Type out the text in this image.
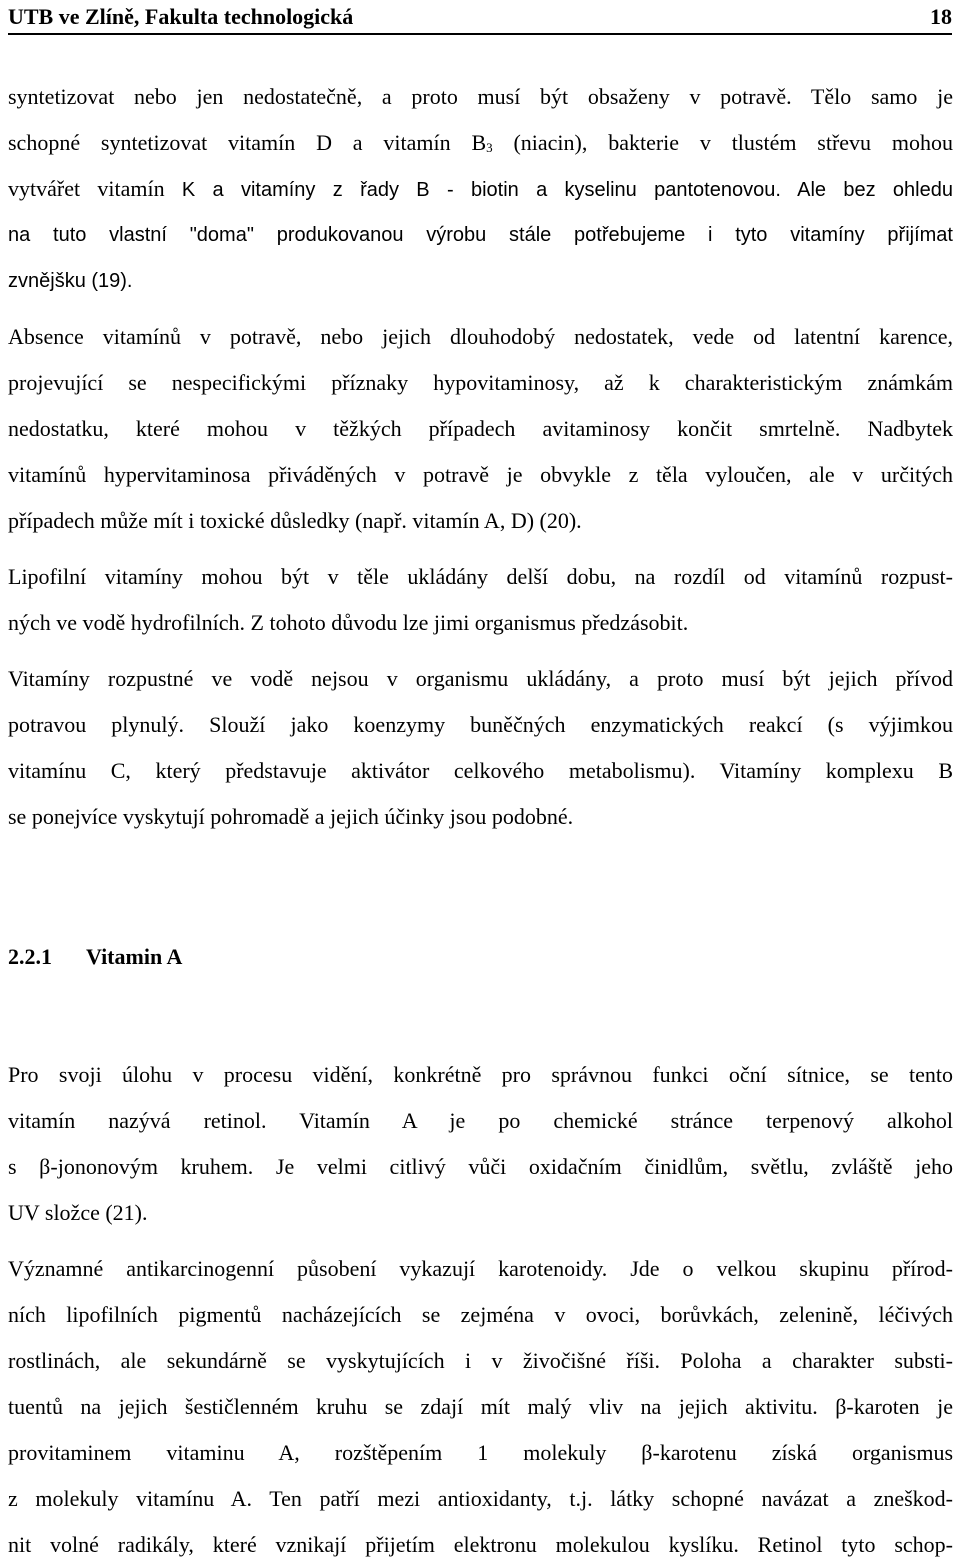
UTB ve Zlíně, Fakulta technologická	18
syntetizovat nebo jen nedostatečně, a proto musí být obsaženy v potravě. Tělo samo je
schopné syntetizovat vitamín D a vitamín $B_3$ (niacin), bakterie v tlustém střevu mohou
vytvářet vitamín K a vitamíny z řady B - biotin a kyselinu pantotenovou. Ale bez ohledu
na tuto vlastní "doma" produkovanou výrobu stále potřebujeme i tyto vitamíny přijímat
zvnějšku (19).
Absence vitamínů v potravě, nebo jejich dlouhodobý nedostatek, vede od latentní karence,
projevující se nespecifickými příznaky hypovitaminosy, až k charakteristickým známkám
nedostatku, které mohou v těžkých případech avitaminosy končit smrtelně. Nadbytek
vitamínů hypervitaminosa přiváděných v potravě je obvykle z těla vyloučen, ale v určitých
případech může mít i toxické důsledky (např. vitamín A, D) (20).
Lipofilní vitamíny mohou být v těle ukládány delší dobu, na rozdíl od vitamínů rozpust-
ných ve vodě hydrofilních. Z tohoto důvodu lze jimi organismus předzásobit.
Vitamíny rozpustné ve vodě nejsou v organismu ukládány, a proto musí být jejich přívod
potravou plynulý. Slouží jako koenzymy buněčných enzymatických reakcí (s výjimkou
vitamínu C, který představuje aktivátor celkového metabolismu). Vitamíny komplexu B
se ponejvíce vyskytují pohromadě a jejich účinky jsou podobné.
2.2.1 Vitamin A
Pro svoji úlohu v procesu vidění, konkrétně pro správnou funkci oční sítnice, se tento
vitamín nazývá retinol. Vitamín A je po chemické stránce terpenový alkohol
s β-jononovým kruhem. Je velmi citlivý vůči oxidačním činidlům, světlu, zvláště jeho
UV složce (21).
Významné antikarcinogenní působení vykazují karotenoidy. Jde o velkou skupinu přírod-
ních lipofilních pigmentů nacházejících se zejména v ovoci, borůvkách, zelenině, léčivých
rostlinách, ale sekundárně se vyskytujících i v živočišné říši. Poloha a charakter substi-
tuentů na jejich šestičlenném kruhu se zdají mít malý vliv na jejich aktivitu. β-karoten je
provitaminem vitaminu A, rozštěpením 1 molekuly β-karotenu získá organismus
z molekuly vitamínu A. Ten patří mezi antioxidanty, t.j. látky schopné navázat a zneškod-
nit volné radikály, které vznikají přijetím elektronu molekulou kyslíku. Retinol tyto schop-
